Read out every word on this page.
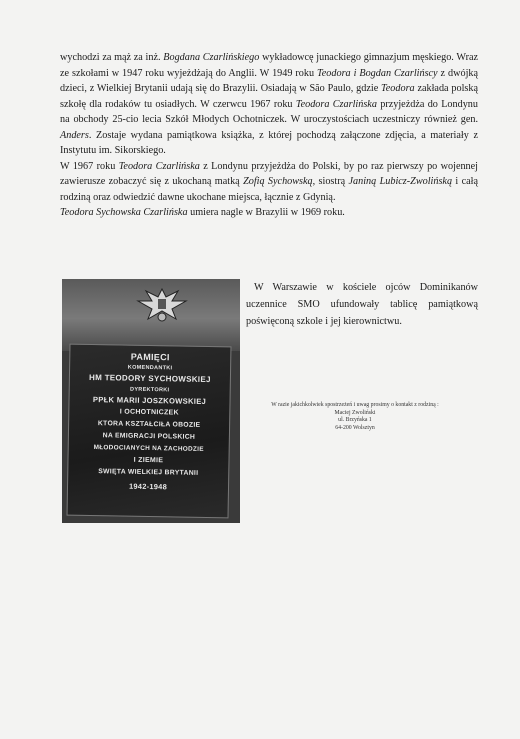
wychodzi za mąż za inż. Bogdana Czarlińskiego wykładowcę junackiego gimnazjum męskiego. Wraz ze szkołami w 1947 roku wyjeżdżają do Anglii. W 1949 roku Teodora i Bogdan Czarlińscy z dwójką dzieci, z Wielkiej Brytanii udają się do Brazylii. Osiadają w São Paulo, gdzie Teodora zakłada polską szkołę dla rodaków tu osiadłych. W czerwcu 1967 roku Teodora Czarlińska przyjeżdża do Londynu na obchody 25-cio lecia Szkół Młodych Ochotniczek. W uroczystościach uczestniczy również gen. Anders. Zostaje wydana pamiątkowa książka, z której pochodzą załączone zdjęcia, a materiały z Instytutu im. Sikorskiego.

W 1967 roku Teodora Czarlińska z Londynu przyjeżdża do Polski, by po raz pierwszy po wojennej zawierusze zobaczyć się z ukochaną matką Zofią Sychowską, siostrą Janiną Lubicz-Zwolińską i całą rodziną oraz odwiedzić dawne ukochane miejsca, łącznie z Gdynią.

Teodora Sychowska Czarlińska umiera nagle w Brazylii w 1969 roku.

PAMIĘCI
KOMENDANTKI
HM TEODORY SYCHOWSKIEJ
DYREKTORKI
PPŁK MARII JOSZKOWSKIEJ
I OCHOTNICZEK
KTÓRA KSZTAŁCIŁA OBOZIE
NA EMIGRACJI POLSKICH
MŁODOCIANYCH NA ZACHODZIE
I ZIEMIE
ŚWIĘTA WIELKIEJ BRYTANII
1942-1948

W Warszawie w kościele ojców Dominikanów uczennice SMO ufundowały tablicę pamiątkową poświęconą szkole i jej kierownictwu.

W razie jakichkolwiek spostrzeżeń i uwag prosimy o kontakt z rodziną :
Maciej Zwoliński
ul. Brzyńska 1
64-200 Wolsztyn
